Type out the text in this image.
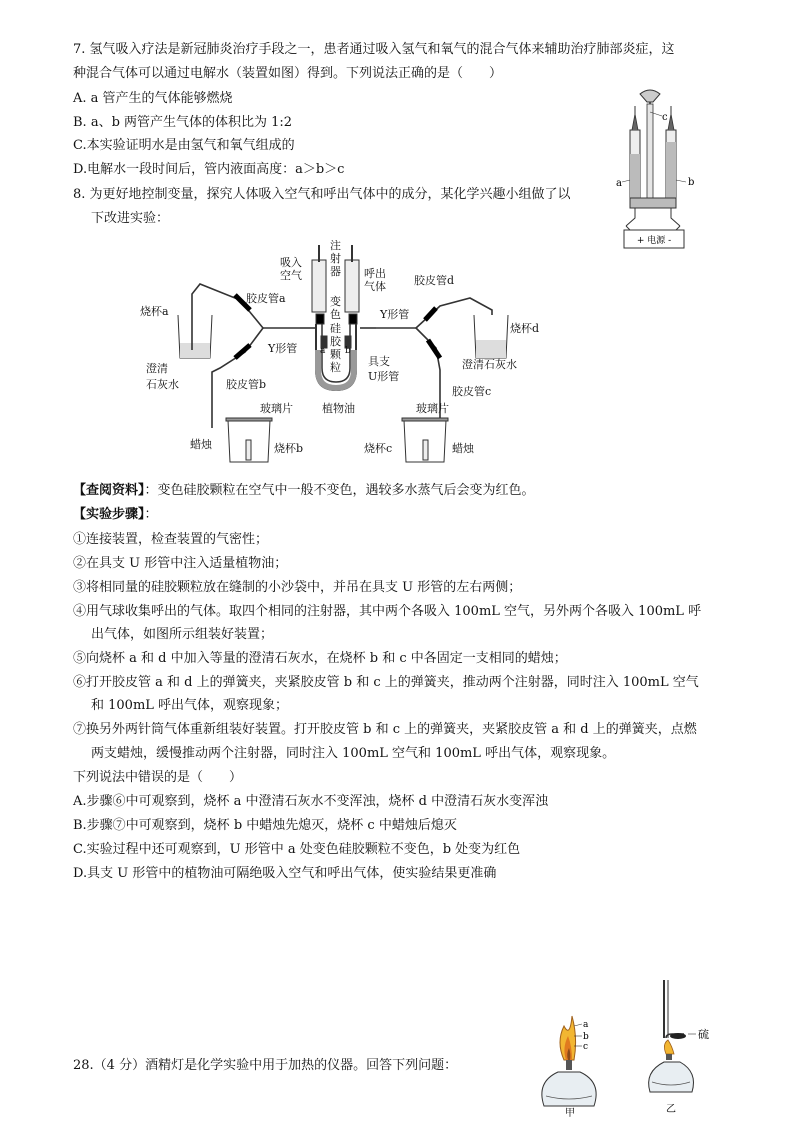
7. 氢气吸入疗法是新冠肺炎治疗手段之一，患者通过吸入氢气和氧气的混合气体来辅助治疗肺部炎症，这
种混合气体可以通过电解水（装置如图）得到。下列说法正确的是（　　）
A. a 管产生的气体能够燃烧
B. a、b 两管产生气体的体积比为 1:2
C.本实验证明水是由氢气和氧气组成的
D.电解水一段时间后，管内液面高度：a＞b＞c
+ 电源 -
c
a	b
8. 为更好地控制变量，探究人体吸入空气和呼出气体中的成分，某化学兴趣小组做了以
下改进实验：
烧杯a
胶皮管a
吸入
空气
注
射
器 呼出
气体	胶皮管d
变
色
硅
胶
颗
粒
Y形管
烧杯d
澄清
石灰水
澄清石灰水
Y形管	a b
具支
U形管
胶皮管c
胶皮管b
植物油	玻璃片
玻璃片
蜡烛	烧杯b	烧杯c	蜡烛
【查阅资料】：变色硅胶颗粒在空气中一般不变色，遇较多水蒸气后会变为红色。
【实验步骤】：
①连接装置，检查装置的气密性；
②在具支 U 形管中注入适量植物油；
③将相同量的硅胶颗粒放在缝制的小沙袋中，并吊在具支 U 形管的左右两侧；
④用气球收集呼出的气体。取四个相同的注射器，其中两个各吸入 100mL 空气，另外两个各吸入 100mL 呼
出气体，如图所示组装好装置；
⑤向烧杯 a 和 d 中加入等量的澄清石灰水，在烧杯 b 和 c 中各固定一支相同的蜡烛；
⑥打开胶皮管 a 和 d 上的弹簧夹，夹紧胶皮管 b 和 c 上的弹簧夹，推动两个注射器，同时注入 100mL 空气
和 100mL 呼出气体，观察现象；
⑦换另外两针筒气体重新组装好装置。打开胶皮管 b 和 c 上的弹簧夹，夹紧胶皮管 a 和 d 上的弹簧夹，点燃
两支蜡烛，缓慢推动两个注射器，同时注入 100mL 空气和 100mL 呼出气体，观察现象。
下列说法中错误的是（　　）
A.步骤⑥中可观察到，烧杯 a 中澄清石灰水不变浑浊，烧杯 d 中澄清石灰水变浑浊
B.步骤⑦中可观察到，烧杯 b 中蜡烛先熄灭，烧杯 c 中蜡烛后熄灭
C.实验过程中还可观察到，U 形管中 a 处变色硅胶颗粒不变色，b 处变为红色
D.具支 U 形管中的植物油可隔绝吸入空气和呼出气体，使实验结果更准确
28.（4 分）酒精灯是化学实验中用于加热的仪器。回答下列问题：
a
b
c
甲
硫
乙
